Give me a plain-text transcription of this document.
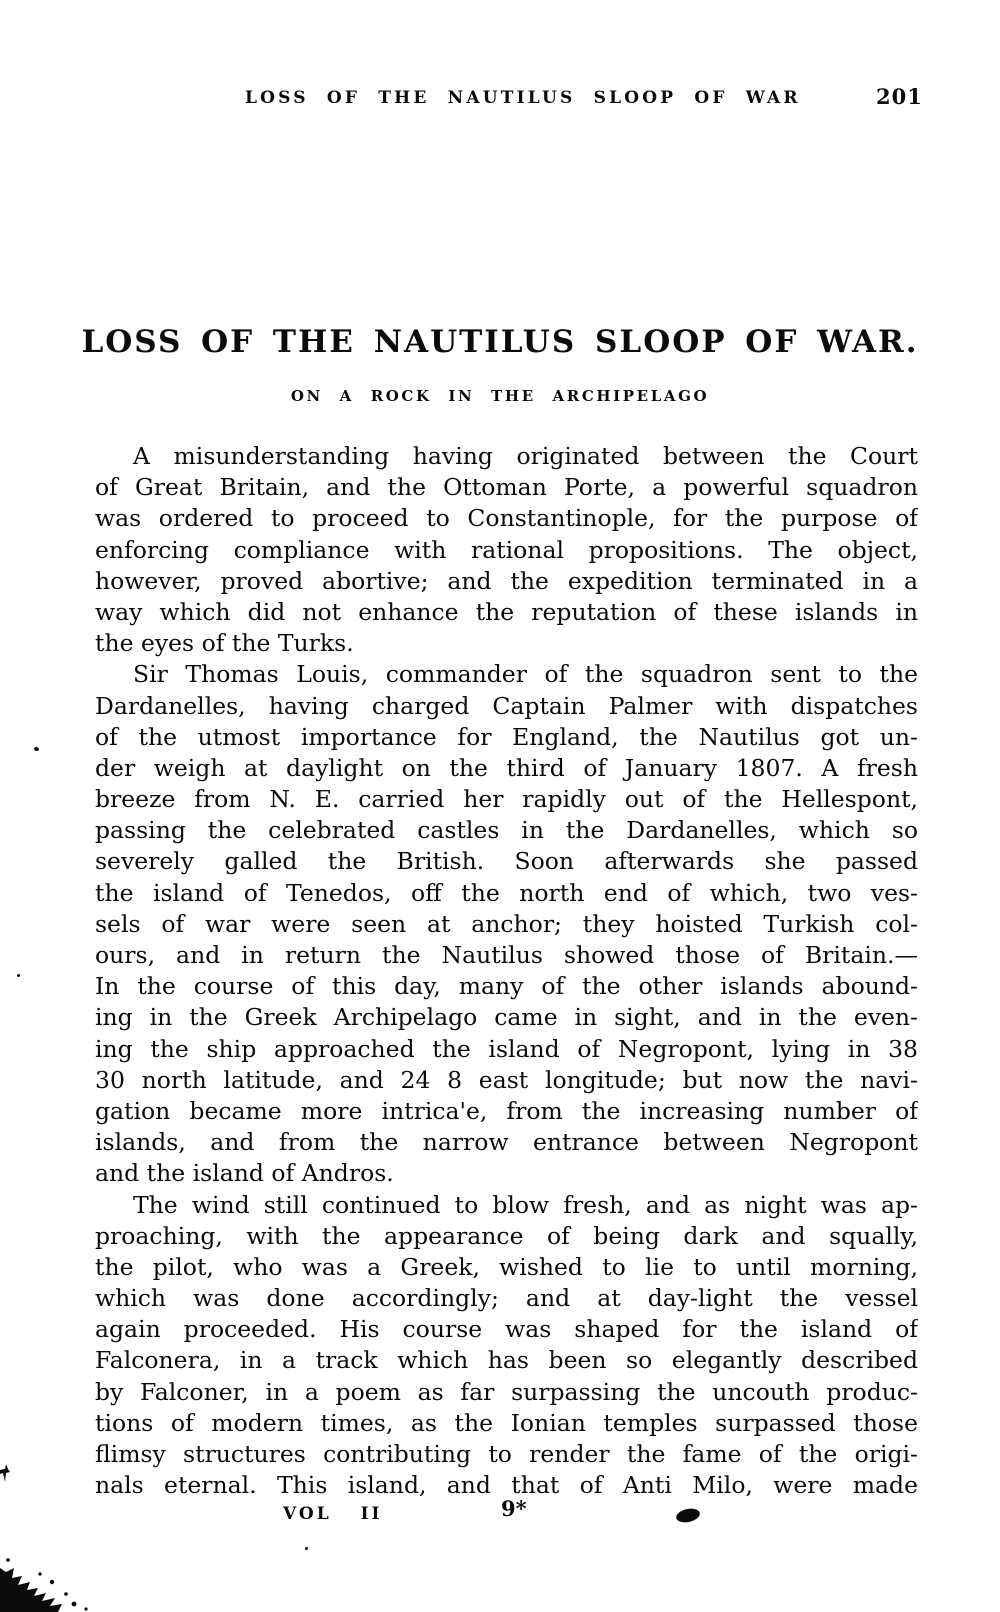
LOSS OF THE NAUTILUS SLOOP OF WAR	201
LOSS OF THE NAUTILUS SLOOP OF WAR.
ON A ROCK IN THE ARCHIPELAGO
A misunderstanding having originated between the Court
of Great Britain, and the Ottoman Porte, a powerful squadron
was ordered to proceed to Constantinople, for the purpose of
enforcing compliance with rational propositions. The object,
however, proved abortive; and the expedition terminated in a
way which did not enhance the reputation of these islands in
the eyes of the Turks.
Sir Thomas Louis, commander of the squadron sent to the
Dardanelles, having charged Captain Palmer with dispatches
of the utmost importance for England, the Nautilus got un-
der weigh at daylight on the third of January 1807. A fresh
breeze from N. E. carried her rapidly out of the Hellespont,
passing the celebrated castles in the Dardanelles, which so
severely galled the British. Soon afterwards she passed
the island of Tenedos, off the north end of which, two ves-
sels of war were seen at anchor; they hoisted Turkish col-
ours, and in return the Nautilus showed those of Britain.—
In the course of this day, many of the other islands abound-
ing in the Greek Archipelago came in sight, and in the even-
ing the ship approached the island of Negropont, lying in 38
30 north latitude, and 24 8 east longitude; but now the navi-
gation became more intrica'e, from the increasing number of
islands, and from the narrow entrance between Negropont
and the island of Andros.
The wind still continued to blow fresh, and as night was ap-
proaching, with the appearance of being dark and squally,
the pilot, who was a Greek, wished to lie to until morning,
which was done accordingly; and at day-light the vessel
again proceeded. His course was shaped for the island of
Falconera, in a track which has been so elegantly described
by Falconer, in a poem as far surpassing the uncouth produc-
tions of modern times, as the Ionian temples surpassed those
flimsy structures contributing to render the fame of the origi-
nals eternal. This island, and that of Anti Milo, were made
VOL II	9*
